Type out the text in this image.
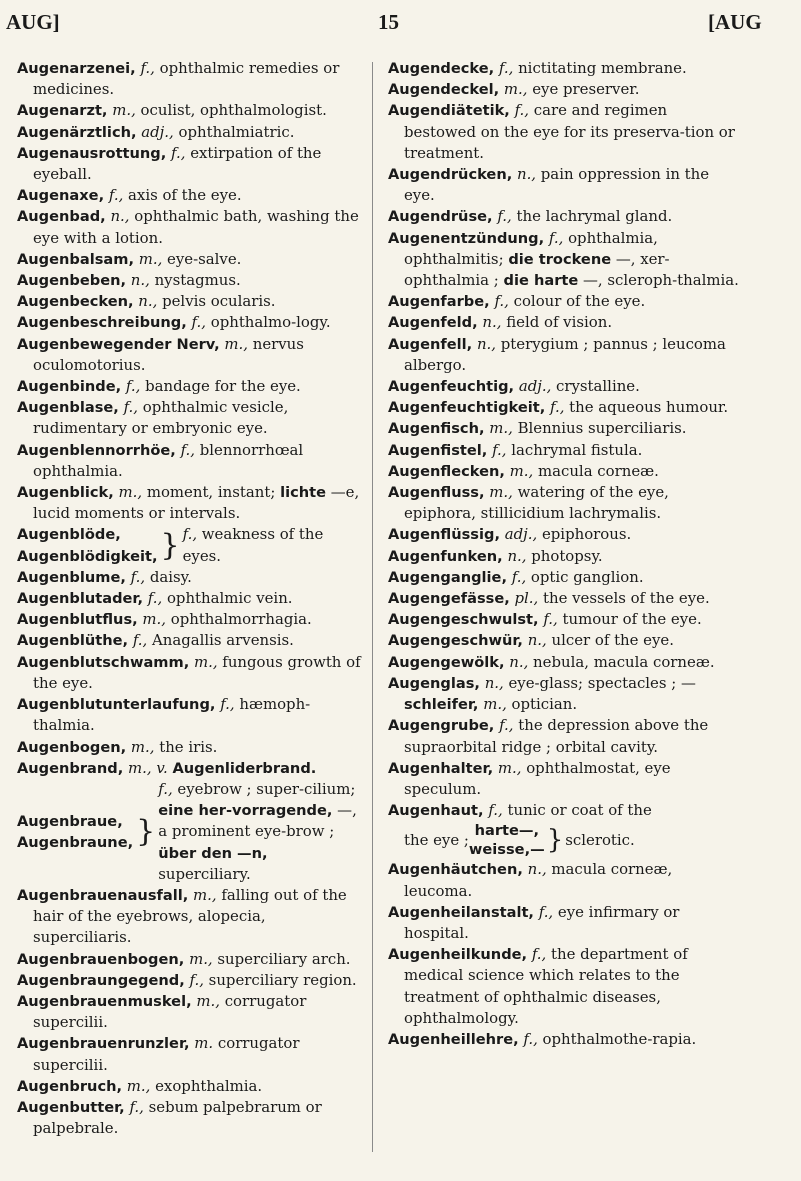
AUG]	15	[AUG

Augenarzenei, f., ophthalmic remedies or medicines.

Augenarzt, m., oculist, ophthalmologist.

Augenärztlich, adj., ophthalmiatric.

Augenausrottung, f., extirpation of the eyeball.

Augenaxe, f., axis of the eye.

Augenbad, n., ophthalmic bath, washing the eye with a lotion.

Augenbalsam, m., eye-salve.

Augenbeben, n., nystagmus.

Augenbecken, n., pelvis ocularis.

Augenbeschreibung, f., ophthalmo-logy.

Augenbewegender Nerv, m., nervus oculomotorius.

Augenbinde, f., bandage for the eye.

Augenblase, f., ophthalmic vesicle, rudimentary or embryonic eye.

Augenblennorrhöe, f., blennorrhœal ophthalmia.

Augenblick, m., moment, instant; lichte —e, lucid moments or intervals.

Augenblöde,
Augenblödigkeit, } f., weakness of the eyes.

Augenblume, f., daisy.

Augenblutader, f., ophthalmic vein.

Augenblutflus, m., ophthalmorrhagia.

Augenblüthe, f., Anagallis arvensis.

Augenblutschwamm, m., fungous growth of the eye.

Augenblutunterlaufung, f., hæmoph-thalmia.

Augenbogen, m., the iris.

Augenbrand, m., v. Augenliderbrand.

Augenbraue,
Augenbraune, }
f., eyebrow ; super-cilium; eine her-vorragende, —, a prominent eye-brow ; über den —n, superciliary.

Augenbrauenausfall, m., falling out of the hair of the eyebrows, alopecia, superciliaris.

Augenbrauenbogen, m., superciliary arch.

Augenbraungegend, f., superciliary region.

Augenbrauenmuskel, m., corrugator supercilii.

Augenbrauenrunzler, m. corrugator supercilii.

Augenbruch, m., exophthalmia.

Augenbutter, f., sebum palpebrarum or palpebrale.

Augendecke, f., nictitating membrane.

Augendeckel, m., eye preserver.

Augendiätetik, f., care and regimen bestowed on the eye for its preserva-tion or treatment.

Augendrücken, n., pain oppression in the eye.

Augendrüse, f., the lachrymal gland.

Augenentzündung, f., ophthalmia, ophthalmitis; die trockene —, xer-ophthalmia ; die harte —, scleroph-thalmia.

Augenfarbe, f., colour of the eye.

Augenfeld, n., field of vision.

Augenfell, n., pterygium ; pannus ; leucoma albergo.

Augenfeuchtig, adj., crystalline.

Augenfeuchtigkeit, f., the aqueous humour.

Augenfisch, m., Blennius superciliaris.

Augenfistel, f., lachrymal fistula.

Augenflecken, m., macula corneæ.

Augenfluss, m., watering of the eye, epiphora, stillicidium lachrymalis.

Augenflüssig, adj., epiphorous.

Augenfunken, n., photopsy.

Augenganglie, f., optic ganglion.

Augengefässe, pl., the vessels of the eye.

Augengeschwulst, f., tumour of the eye.

Augengeschwür, n., ulcer of the eye.

Augengewölk, n., nebula, macula corneæ.

Augenglas, n., eye-glass; spectacles ; —schleifer, m., optician.

Augengrube, f., the depression above the supraorbital ridge ; orbital cavity.

Augenhalter, m., ophthalmostat, eye speculum.

Augenhaut, f., tunic or coat of the

the eye ; harte—,
weisse,— } sclerotic.

Augenhäutchen, n., macula corneæ, leucoma.

Augenheilanstalt, f., eye infirmary or hospital.

Augenheilkunde, f., the department of medical science which relates to the treatment of ophthalmic diseases, ophthalmology.

Augenheillehre, f., ophthalmothe-rapia.
